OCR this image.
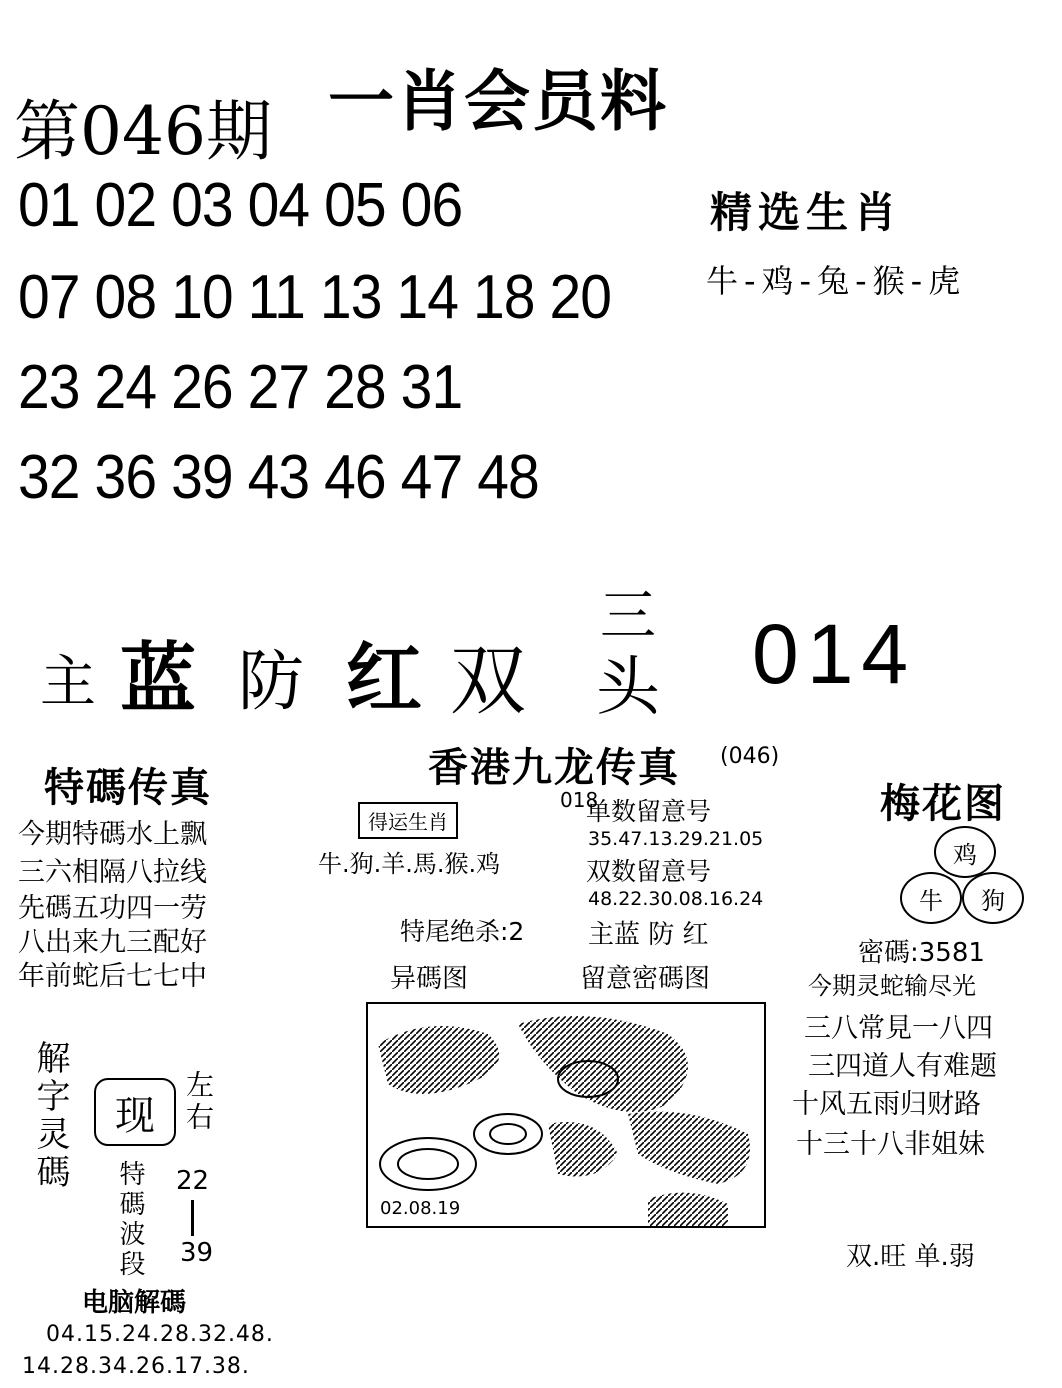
第046期 一肖会员料
01 02 03 04 05 06
07 08 10 11 13 14 18 20
23 24 26 27 28 31
32 36 39 43 46 47 48
精选生肖
牛-鸡-兔-猴-虎
主 蓝 防 红 双
三
头 014
特碼传真
今期特碼水上飘
三六相隔八拉线
先碼五功四一劳
八出来九三配好
年前蛇后七七中
香港九龙传真 (046)
得运生肖
牛.狗.羊.馬.猴.鸡
018
单数留意号
35.47.13.29.21.05
双数留意号
48.22.30.08.16.24
特尾绝杀:2 主蓝 防 红
异碼图	留意密碼图
02.08.19
梅花图
鸡
牛 狗
密碼:3581
今期灵蛇输尽光
三八常見一八四
三四道人有难题
十风五雨归财路
十三十八非姐妹
双.旺 单.弱
解字灵碼 现 左右
特碼 22
波段 39
电脑解碼
04.15.24.28.32.48.
14.28.34.26.17.38.
